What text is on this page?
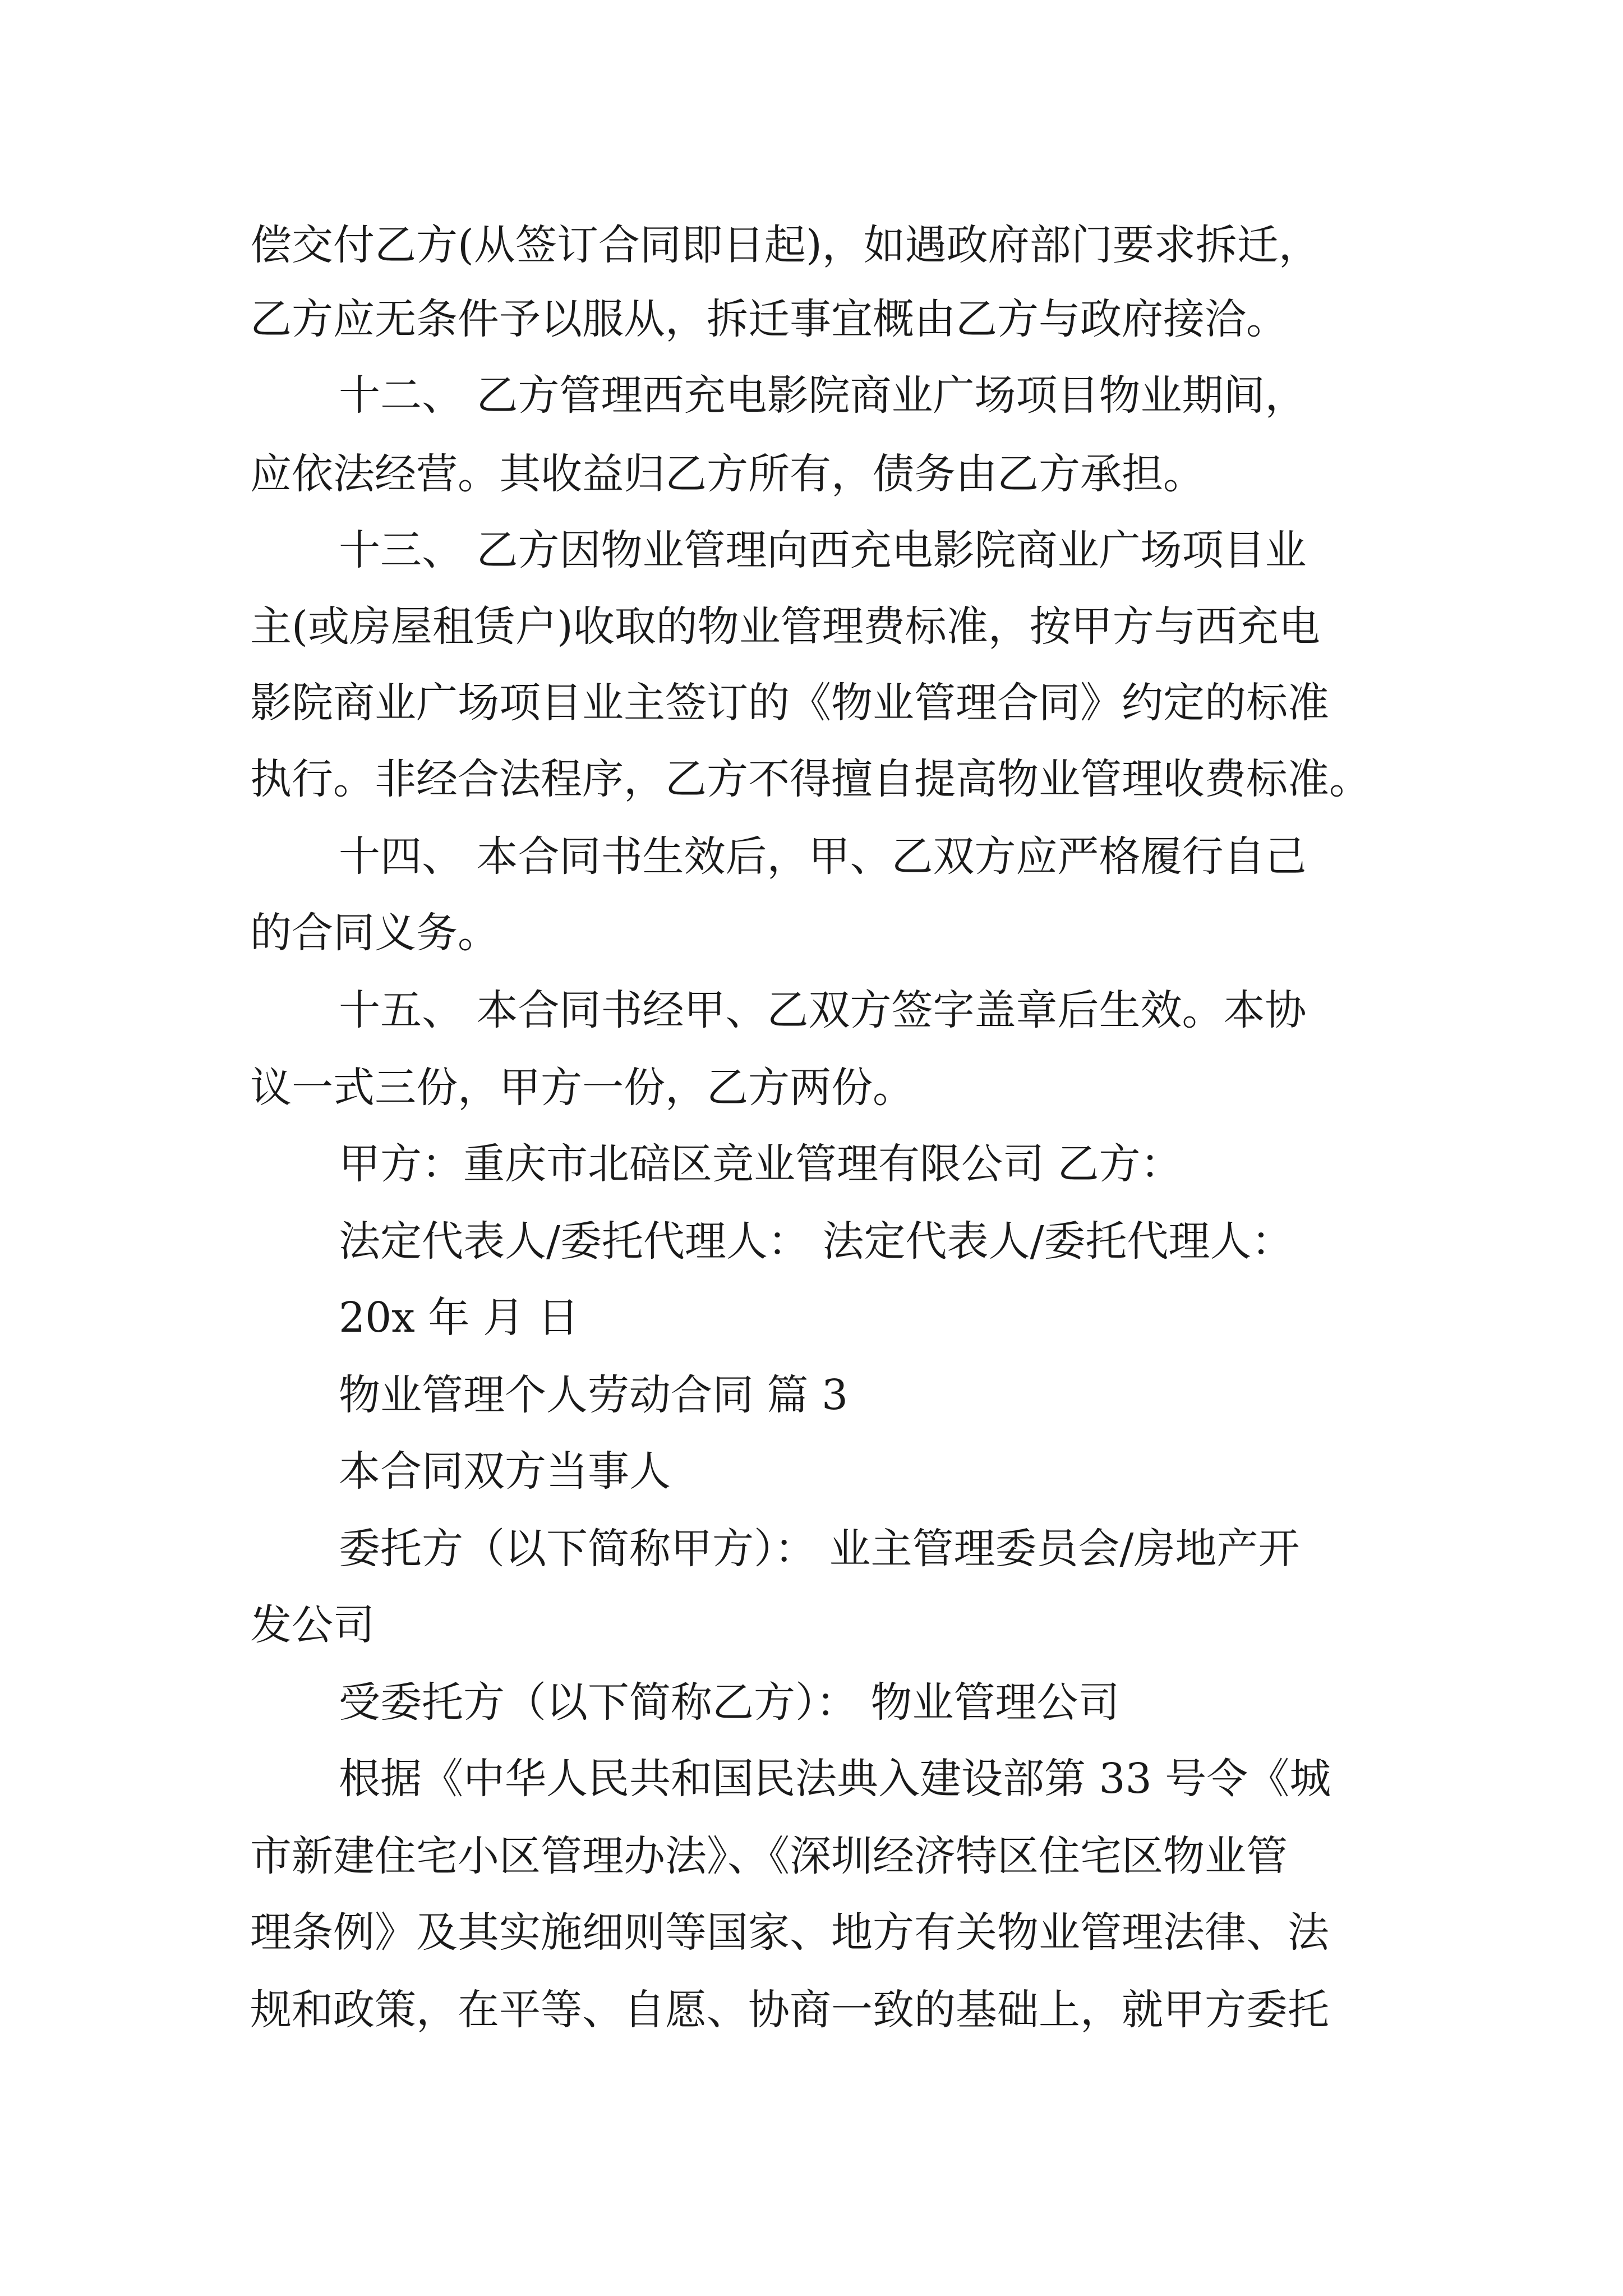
偿交付乙方(从签订合同即日起)，如遇政府部门要求拆迁，

乙方应无条件予以服从，拆迁事宜概由乙方与政府接洽。

十二、 乙方管理西充电影院商业广场项目物业期间，

应依法经营。其收益归乙方所有，债务由乙方承担。

十三、 乙方因物业管理向西充电影院商业广场项目业

主(或房屋租赁户)收取的物业管理费标准，按甲方与西充电

影院商业广场项目业主签订的《物业管理合同》约定的标准

执行。非经合法程序，乙方不得擅自提高物业管理收费标准。

十四、 本合同书生效后，甲、乙双方应严格履行自己

的合同义务。

十五、 本合同书经甲、乙双方签字盖章后生效。本协

议一式三份，甲方一份，乙方两份。

甲方：重庆市北碚区竞业管理有限公司 乙方：

法定代表人/委托代理人： 法定代表人/委托代理人：

20x 年 月 日

物业管理个人劳动合同 篇 3

本合同双方当事人

委托方（以下简称甲方）： 业主管理委员会/房地产开

发公司

受委托方（以下简称乙方）： 物业管理公司

根据《中华人民共和国民法典入建设部第 33 号令《城

市新建住宅小区管理办法》、《深圳经济特区住宅区物业管

理条例》及其实施细则等国家、地方有关物业管理法律、法

规和政策，在平等、自愿、协商一致的基础上，就甲方委托
